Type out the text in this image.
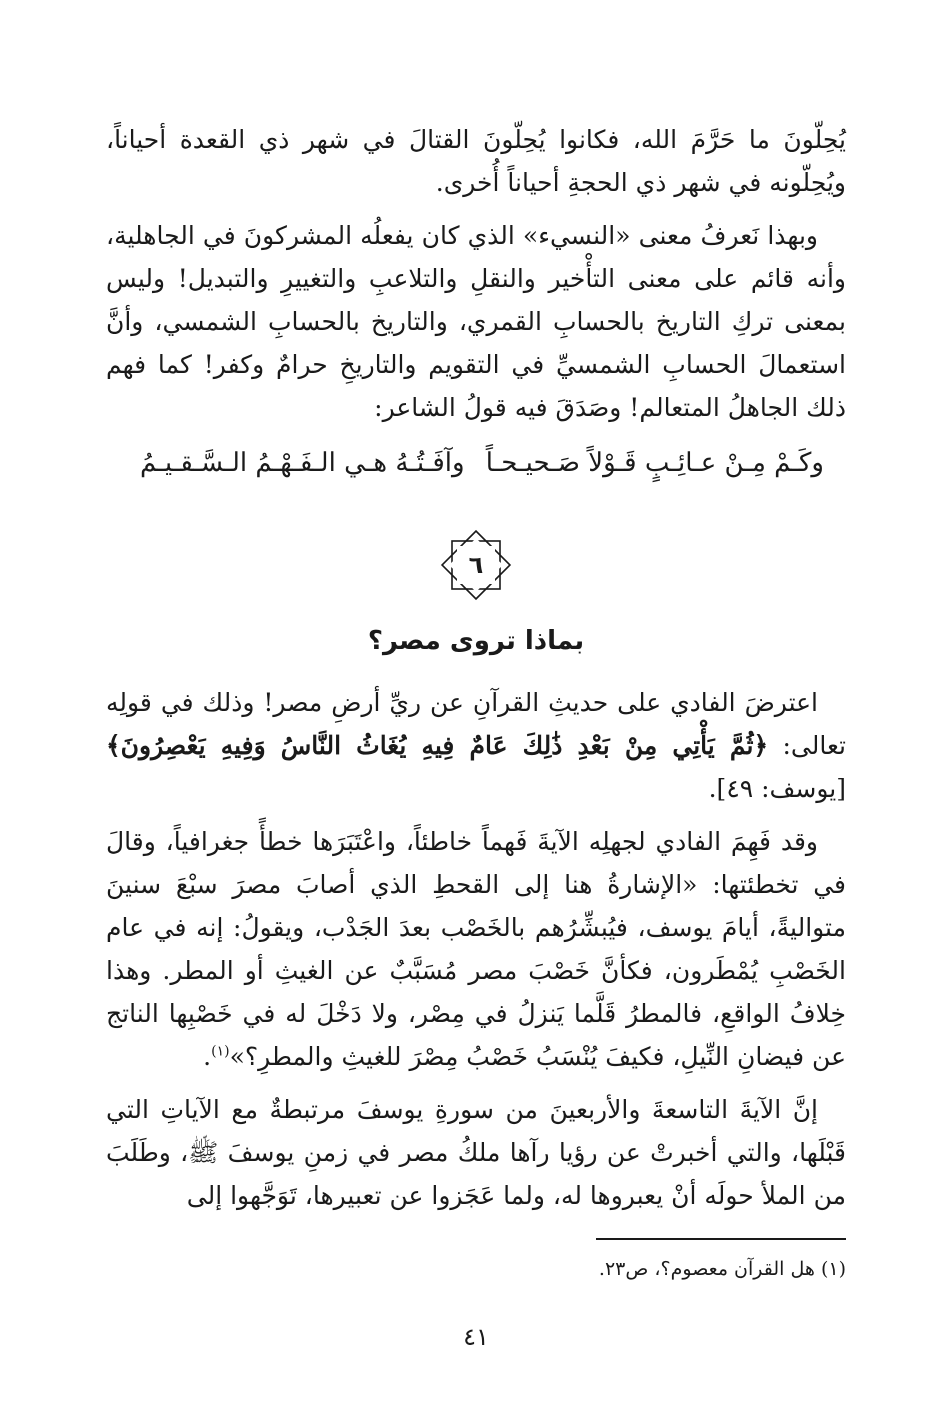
يُحِلّونَ ما حَرَّمَ الله، فكانوا يُحِلّونَ القتالَ في شهر ذي القعدة أحياناً، ويُحِلّونه في شهر ذي الحجةِ أحياناً أُخرى.

وبهذا نَعرفُ معنى «النسيء» الذي كان يفعلُه المشركونَ في الجاهلية، وأنه قائم على معنى التأْخير والنقلِ والتلاعبِ والتغييرِ والتبديل! وليس بمعنى تركِ التاريخ بالحسابِ القمري، والتاريخ بالحسابِ الشمسي، وأنَّ استعمالَ الحسابِ الشمسيِّ في التقويم والتاريخِ حرامٌ وكفر! كما فهم ذلك الجاهلُ المتعالم! وصَدَقَ فيه قولُ الشاعر:

وكَـمْ مِـنْ عـائِـبٍ قَـوْلاً صَـحيـحـاً
وآفَـتُـهُ هـي الـفَـهْـمُ الـسَّـقـيـمُ
٦
بماذا تروى مصر؟

اعترضَ الفادي على حديثِ القرآنِ عن ريِّ أرضِ مصر! وذلك في قولِه تعالى: ﴿ثُمَّ يَأْتِي مِنْ بَعْدِ ذَٰلِكَ عَامٌ فِيهِ يُغَاثُ النَّاسُ وَفِيهِ يَعْصِرُونَ﴾ [يوسف: ٤٩].

وقد فَهِمَ الفادي لجهلِه الآيةَ فَهماً خاطئاً، واعْتَبَرَها خطأً جغرافياً، وقالَ في تخطئتها: «الإشارةُ هنا إلى القحطِ الذي أصابَ مصرَ سبْعَ سنينَ متواليةً، أيامَ يوسف، فيُبشِّرُهم بالخَصْب بعدَ الجَدْب، ويقولُ: إنه في عام الخَصْبِ يُمْطَرون، فكأنَّ خَصْبَ مصر مُسَبَّبٌ عن الغيثِ أو المطر. وهذا خِلافُ الواقعِ، فالمطرُ قَلَّما يَنزلُ في مِصْر، ولا دَخْلَ له في خَصْبِها الناتج عن فيضانِ النِّيلِ، فكيفَ يُنْسَبُ خَصْبُ مِصْرَ للغيثِ والمطرِ؟»$^{(١)}$.

إنَّ الآيةَ التاسعةَ والأربعينَ من سورةِ يوسفَ مرتبطةٌ مع الآياتِ التي قَبْلَها، والتي أخبرتْ عن رؤيا رآها ملكُ مصر في زمنِ يوسفَ ﷺ، وطَلَبَ من الملأ حولَه أنْ يعبروها له، ولما عَجَزوا عن تعبيرها، تَوَجَّهوا إلى

(١) هل القرآن معصوم؟، ص٢٣.
٤١
